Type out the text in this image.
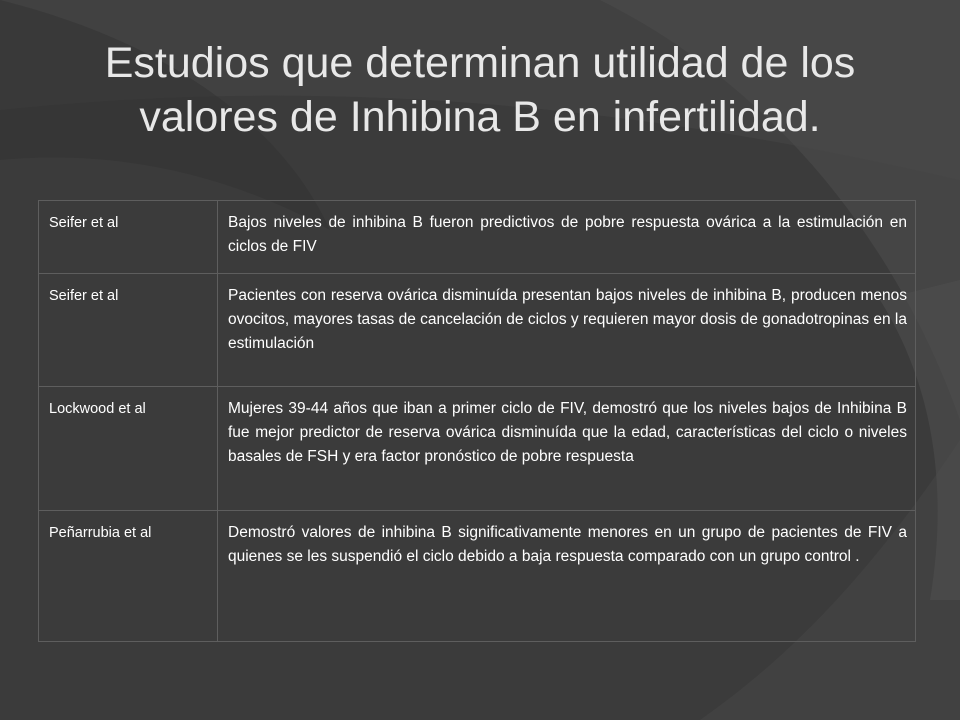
Estudios que determinan utilidad de los
valores de Inhibina B en infertilidad.
Seifer et al	Bajos niveles de inhibina B fueron predictivos de pobre respuesta ovárica a la estimulación en ciclos de FIV
Seifer et al	Pacientes con reserva ovárica disminuída presentan bajos niveles de inhibina B, producen menos ovocitos, mayores tasas de cancelación de ciclos y requieren mayor dosis de gonadotropinas en la estimulación
Lockwood et al	Mujeres 39-44 años que iban a primer ciclo de FIV, demostró que los niveles bajos de Inhibina B fue mejor predictor de reserva ovárica disminuída que la edad, características del ciclo o niveles basales de FSH y era factor pronóstico de pobre respuesta
Peñarrubia et al	Demostró valores de inhibina B significativamente menores en un grupo de pacientes de FIV a quienes se les suspendió el ciclo debido a baja respuesta comparado con un grupo control .
